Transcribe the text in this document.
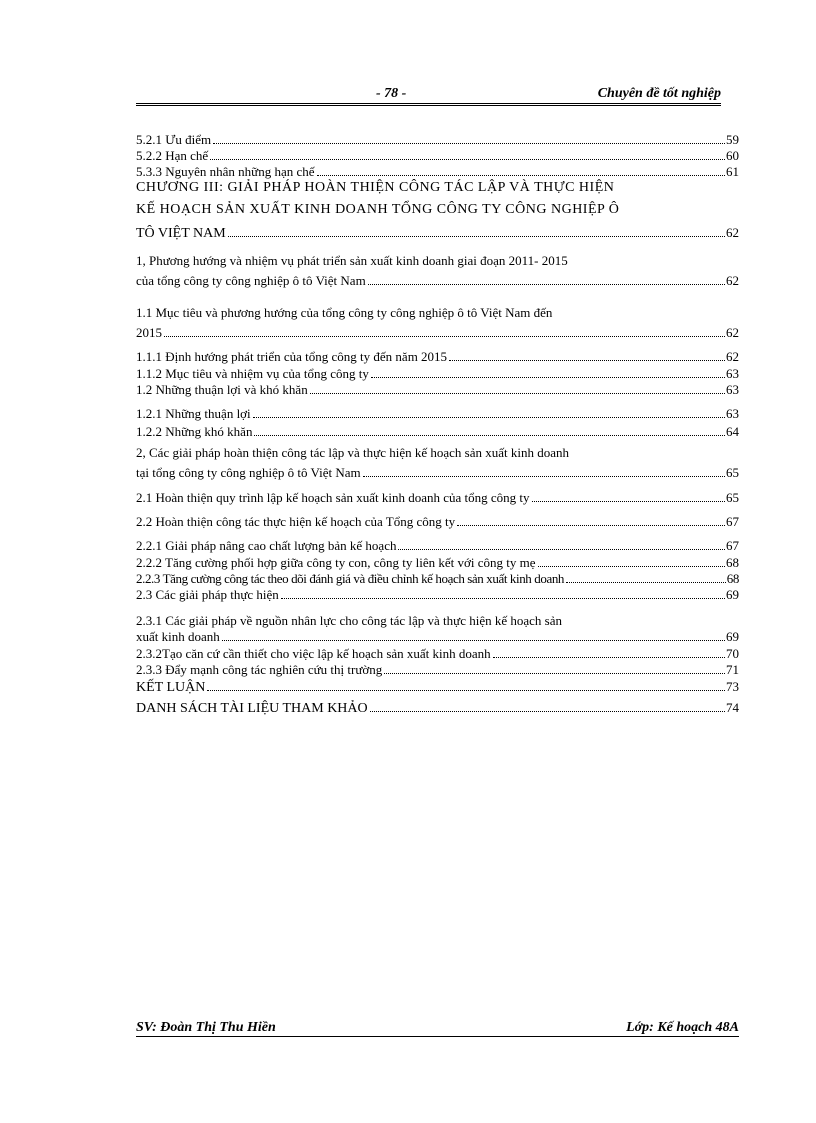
- 78 -	Chuyên đề tốt nghiệp
5.2.1 Ưu điểm	59
5.2.2 Hạn chế	60
5.3.3 Nguyên nhân những hạn chế	61
CHƯƠNG III: GIẢI PHÁP HOÀN THIỆN CÔNG TÁC LẬP VÀ THỰC HIỆN
KẾ HOẠCH SẢN XUẤT KINH DOANH TỔNG CÔNG TY CÔNG NGHIỆP Ô
TÔ VIỆT NAM	62
1, Phương hướng và nhiệm vụ phát triển sản xuất kinh doanh giai đoạn 2011- 2015
của tổng công ty công nghiệp ô tô Việt Nam	62
1.1 Mục tiêu và phương hướng của tổng công ty công nghiệp ô tô Việt Nam đến
2015	62
1.1.1 Định hướng phát triển của tổng công ty đến năm 2015	62
1.1.2 Mục tiêu và nhiệm vụ của tổng công ty	63
1.2 Những thuận lợi và khó khăn	63
1.2.1 Những thuận lợi	63
1.2.2 Những khó khăn	64
2, Các giải pháp hoàn thiện công tác lập và thực hiện kế hoạch sản xuất kinh doanh
tại tổng công ty công nghiệp ô tô Việt Nam	65
2.1 Hoàn thiện quy trình lập kế hoạch sản xuất kinh doanh của tổng công ty	65
2.2 Hoàn thiện công tác thực hiện kế hoạch của Tổng công ty	67
2.2.1 Giải pháp nâng cao chất lượng bản kế hoạch	67
2.2.2 Tăng cường phối hợp giữa công ty con, công ty liên kết với công ty mẹ	68
2.2.3 Tăng cường công tác theo dõi đánh giá và điều chỉnh kế hoạch sản xuất kinh doanh	68
2.3 Các giải pháp thực hiện	69
2.3.1 Các giải pháp về nguồn nhân lực cho công tác lập và thực hiện kế hoạch sản
xuất kinh doanh	69
2.3.2Tạo căn cứ cần thiết cho việc lập kế hoạch sản xuất kinh doanh	70
2.3.3 Đẩy mạnh công tác nghiên cứu thị trường	71
KẾT LUẬN	73
DANH SÁCH TÀI LIỆU THAM KHẢO	74
SV: Đoàn Thị Thu Hiền	Lớp: Kế hoạch 48A
